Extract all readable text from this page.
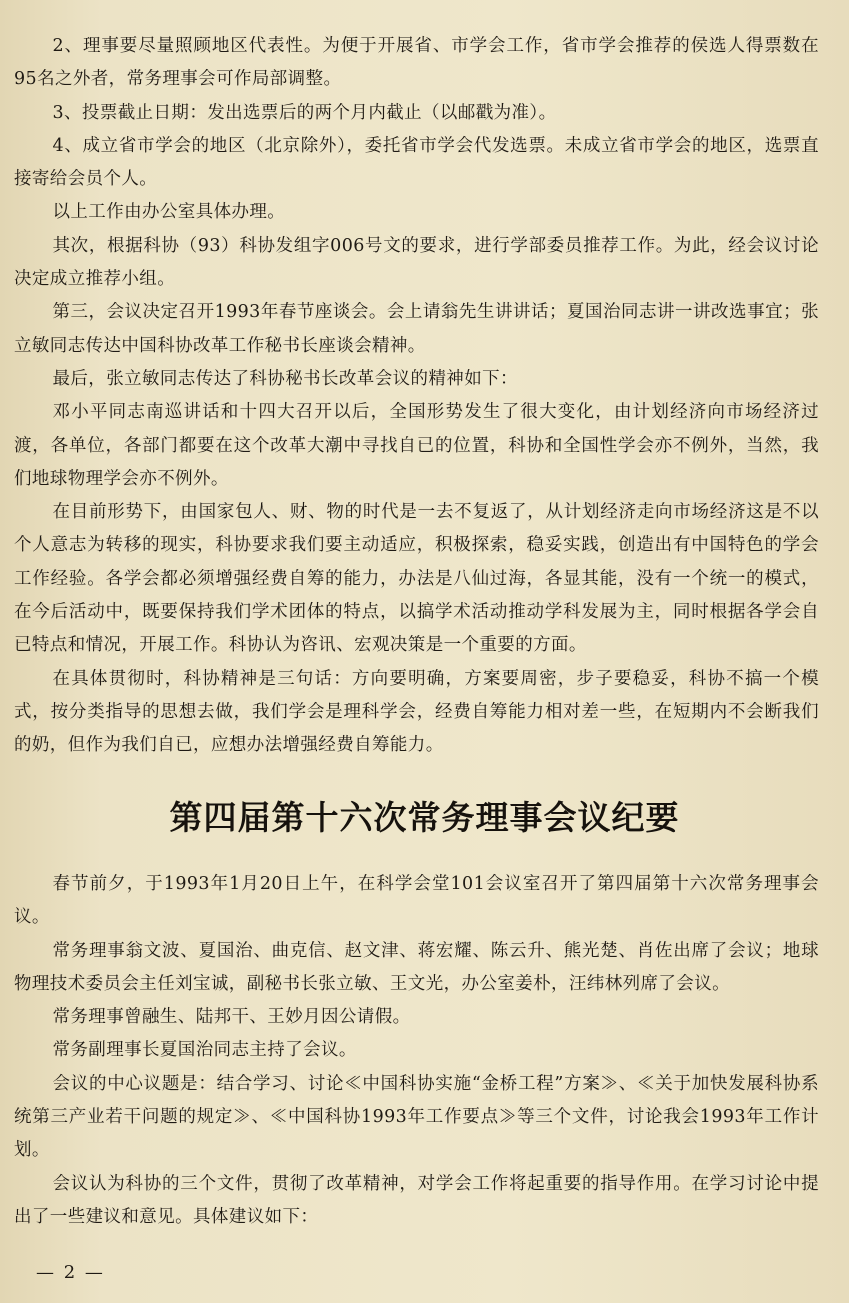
2、理事要尽量照顾地区代表性。为便于开展省、市学会工作，省市学会推荐的侯选人得票数在95名之外者，常务理事会可作局部调整。

3、投票截止日期：发出选票后的两个月内截止（以邮戳为准）。

4、成立省市学会的地区（北京除外），委托省市学会代发选票。未成立省市学会的地区，选票直接寄给会员个人。

以上工作由办公室具体办理。

其次，根据科协（93）科协发组字006号文的要求，进行学部委员推荐工作。为此，经会议讨论决定成立推荐小组。

第三，会议决定召开1993年春节座谈会。会上请翁先生讲讲话；夏国治同志讲一讲改选事宜；张立敏同志传达中国科协改革工作秘书长座谈会精神。

最后，张立敏同志传达了科协秘书长改革会议的精神如下：

邓小平同志南巡讲话和十四大召开以后，全国形势发生了很大变化，由计划经济向市场经济过渡，各单位，各部门都要在这个改革大潮中寻找自已的位置，科协和全国性学会亦不例外，当然，我们地球物理学会亦不例外。

在目前形势下，由国家包人、财、物的时代是一去不复返了，从计划经济走向市场经济这是不以个人意志为转移的现实，科协要求我们要主动适应，积极探索，稳妥实践，创造出有中国特色的学会工作经验。各学会都必须增强经费自筹的能力，办法是八仙过海，各显其能，没有一个统一的模式，在今后活动中，既要保持我们学术团体的特点，以搞学术活动推动学科发展为主，同时根据各学会自已特点和情况，开展工作。科协认为咨讯、宏观决策是一个重要的方面。

在具体贯彻时，科协精神是三句话：方向要明确，方案要周密，步子要稳妥，科协不搞一个模式，按分类指导的思想去做，我们学会是理科学会，经费自筹能力相对差一些，在短期内不会断我们的奶，但作为我们自已，应想办法增强经费自筹能力。

第四届第十六次常务理事会议纪要

春节前夕，于1993年1月20日上午，在科学会堂101会议室召开了第四届第十六次常务理事会议。

常务理事翁文波、夏国治、曲克信、赵文津、蒋宏耀、陈云升、熊光楚、肖佐出席了会议；地球物理技术委员会主任刘宝诚，副秘书长张立敏、王文光，办公室姜朴，汪纬林列席了会议。

常务理事曾融生、陆邦干、王妙月因公请假。

常务副理事长夏国治同志主持了会议。

会议的中心议题是：结合学习、讨论≪中国科协实施“金桥工程”方案≫、≪关于加快发展科协系统第三产业若干问题的规定≫、≪中国科协1993年工作要点≫等三个文件，讨论我会1993年工作计划。

会议认为科协的三个文件，贯彻了改革精神，对学会工作将起重要的指导作用。在学习讨论中提出了一些建议和意见。具体建议如下：

— 2 —
